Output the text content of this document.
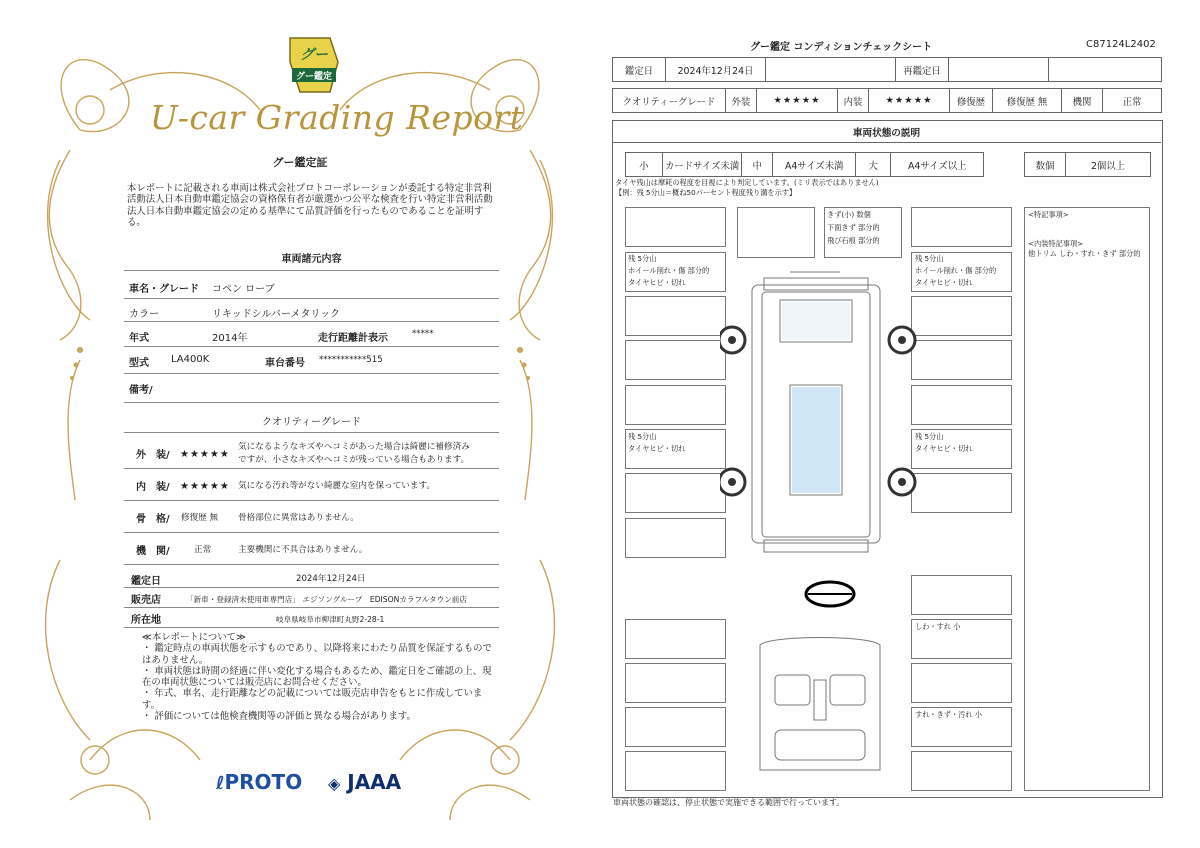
グー
グー鑑定
U-car Grading Report
グー鑑定証
本レポートに記載される車両は株式会社プロトコーポレーションが委託する特定非営利活動法人日本自動車鑑定協会の資格保有者が厳選かつ公平な検査を行い特定非営利活動法人日本自動車鑑定協会の定める基準にて品質評価を行ったものであることを証明する。
車両諸元内容
車名・グレード コペン ローブ
カラー	リキッドシルバーメタリック
年式	2014年	走行距離計表示	*****
型式 LA400K	車台番号 ***********515
備考/
クオリティーグレード
外　装/ ★★★★★
気になるようなキズやヘコミがあった場合は綺麗に補修済み
ですが、小さなキズやヘコミが残っている場合もあります。
内　装/ ★★★★★ 気になる汚れ等がない綺麗な室内を保っています。
骨　格/ 修復歴 無 骨格部位に異常はありません。
機　関/	正常	主要機関に不具合はありません。
鑑定日	2024年12月24日
販売店	「新車・登録済未使用車専門店」 エジソングループ　EDISONカラフルタウン前店
所在地	岐阜県岐阜市柳津町丸野2-28-1
≪本レポートについて≫
・ 鑑定時点の車両状態を示すものであり、以降将来にわたり品質を保証するものではありません。
・ 車両状態は時間の経過に伴い変化する場合もあるため、鑑定日をご確認の上、現在の車両状態については販売店にお問合せください。
・ 年式、車名、走行距離などの記載については販売店申告をもとに作成しています。
・ 評価については他検査機関等の評価と異なる場合があります。
ℓPROTO ◈ JAAA
グー鑑定 コンディションチェックシート	C87124L2402
鑑定日	2024年12月24日		再鑑定日		
クオリティーグレード	外装	★★★★★	内装	★★★★★	修復歴	修復歴 無	機関	正常
車両状態の説明
小	カードサイズ未満	中	A4サイズ未満	大	A4サイズ以上	数個	2個以上
タイヤ残山は摩耗の程度を目視により判定しています。(ミリ表示ではありません)
【例：残 5分山＝概ね50パーセント程度残り溝を示す】
<特記事項>
<内装特記事項>
他トリム しわ・すれ・きず 部分的
残 5分山
ホイール削れ・傷 部分的
タイヤヒビ・切れ
残 5分山
タイヤヒビ・切れ
きず(小) 数個
下面きず 部分的
飛び石痕 部分的
残 5分山
ホイール削れ・傷 部分的
タイヤヒビ・切れ
残 5分山
タイヤヒビ・切れ
しわ・すれ 小
すれ・きず・汚れ 小
車両状態の確認は、停止状態で実施できる範囲で行っています。
